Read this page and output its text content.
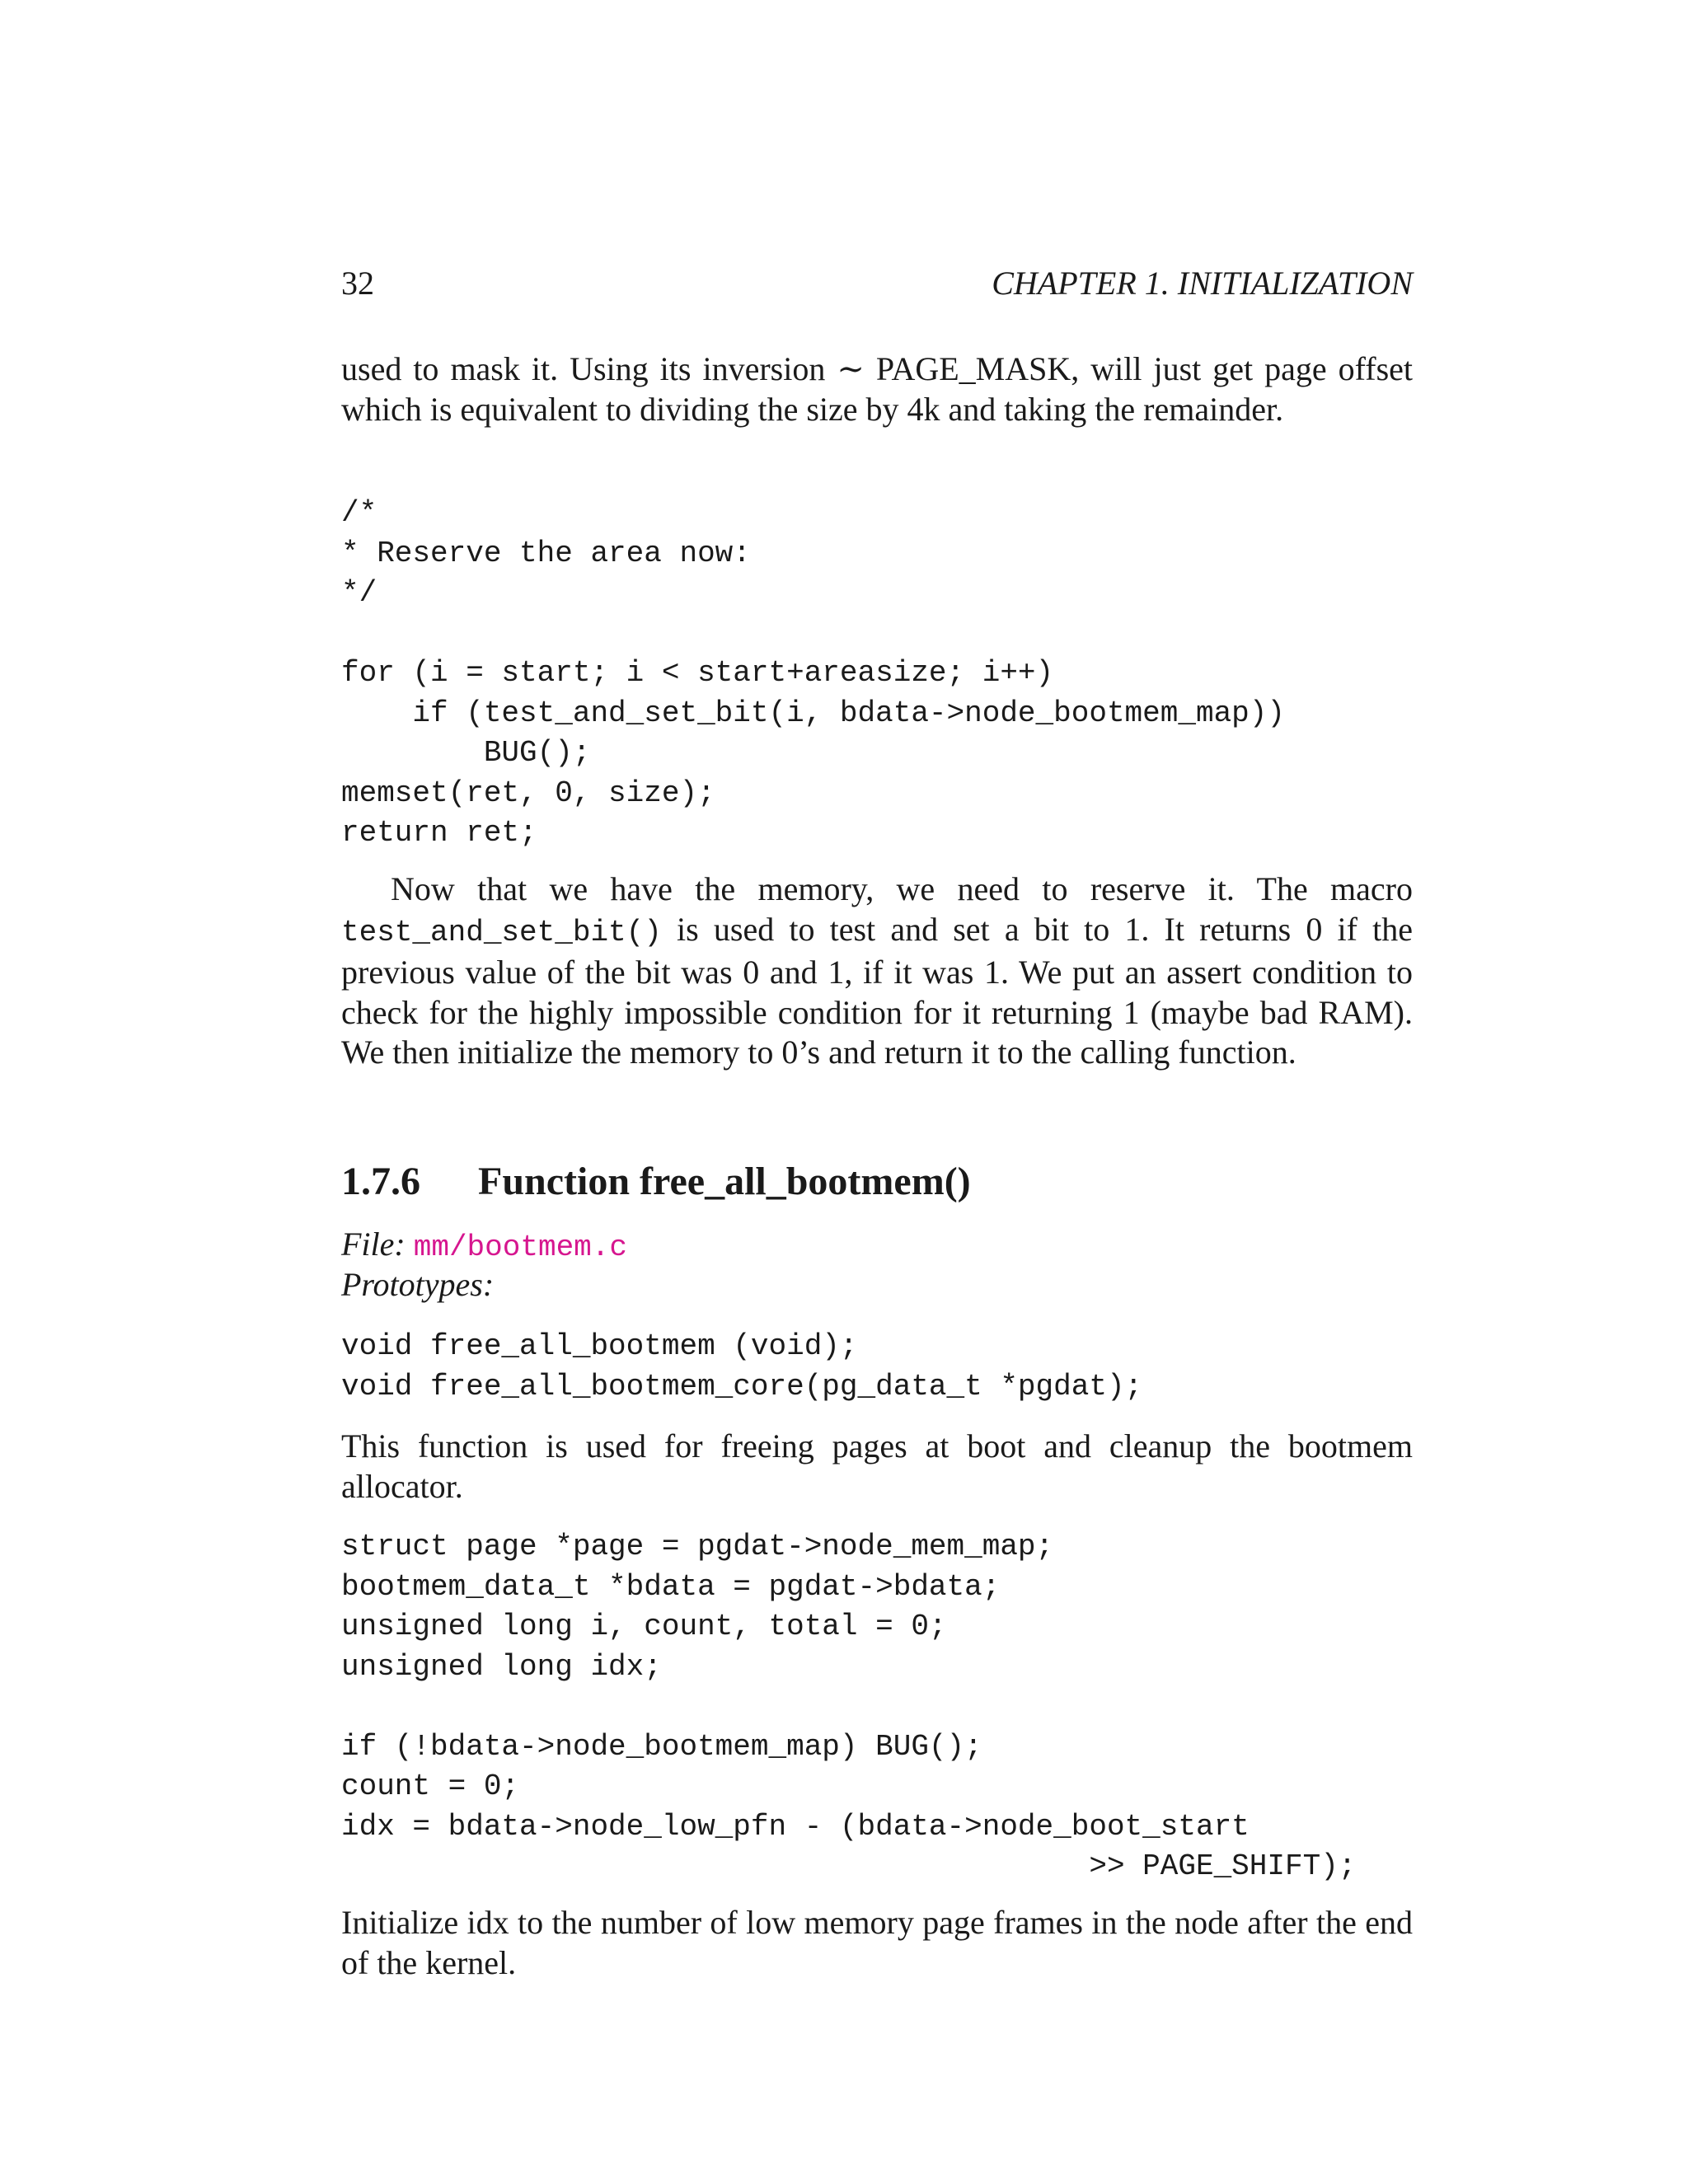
32	CHAPTER 1. INITIALIZATION

used to mask it. Using its inversion ∼ PAGE_MASK, will just get page offset which is equivalent to dividing the size by 4k and taking the remainder.

/*
* Reserve the area now:
*/

for (i = start; i < start+areasize; i++)
if (test_and_set_bit(i, bdata->node_bootmem_map))
BUG();
memset(ret, 0, size);
return ret;

Now that we have the memory, we need to reserve it. The macro test_and_set_bit() is used to test and set a bit to 1. It returns 0 if the previous value of the bit was 0 and 1, if it was 1. We put an assert condition to check for the highly impossible condition for it returning 1 (maybe bad RAM). We then initialize the memory to 0’s and return it to the calling function.

1.7.6 Function free_all_bootmem()
File: mm/bootmem.c
Prototypes:
void free_all_bootmem (void);
void free_all_bootmem_core(pg_data_t *pgdat);

This function is used for freeing pages at boot and cleanup the bootmem allocator.

struct page *page = pgdat->node_mem_map;
bootmem_data_t *bdata = pgdat->bdata;
unsigned long i, count, total = 0;
unsigned long idx;

if (!bdata->node_bootmem_map) BUG();
count = 0;
idx = bdata->node_low_pfn - (bdata->node_boot_start
>> PAGE_SHIFT);

Initialize idx to the number of low memory page frames in the node after the end of the kernel.
